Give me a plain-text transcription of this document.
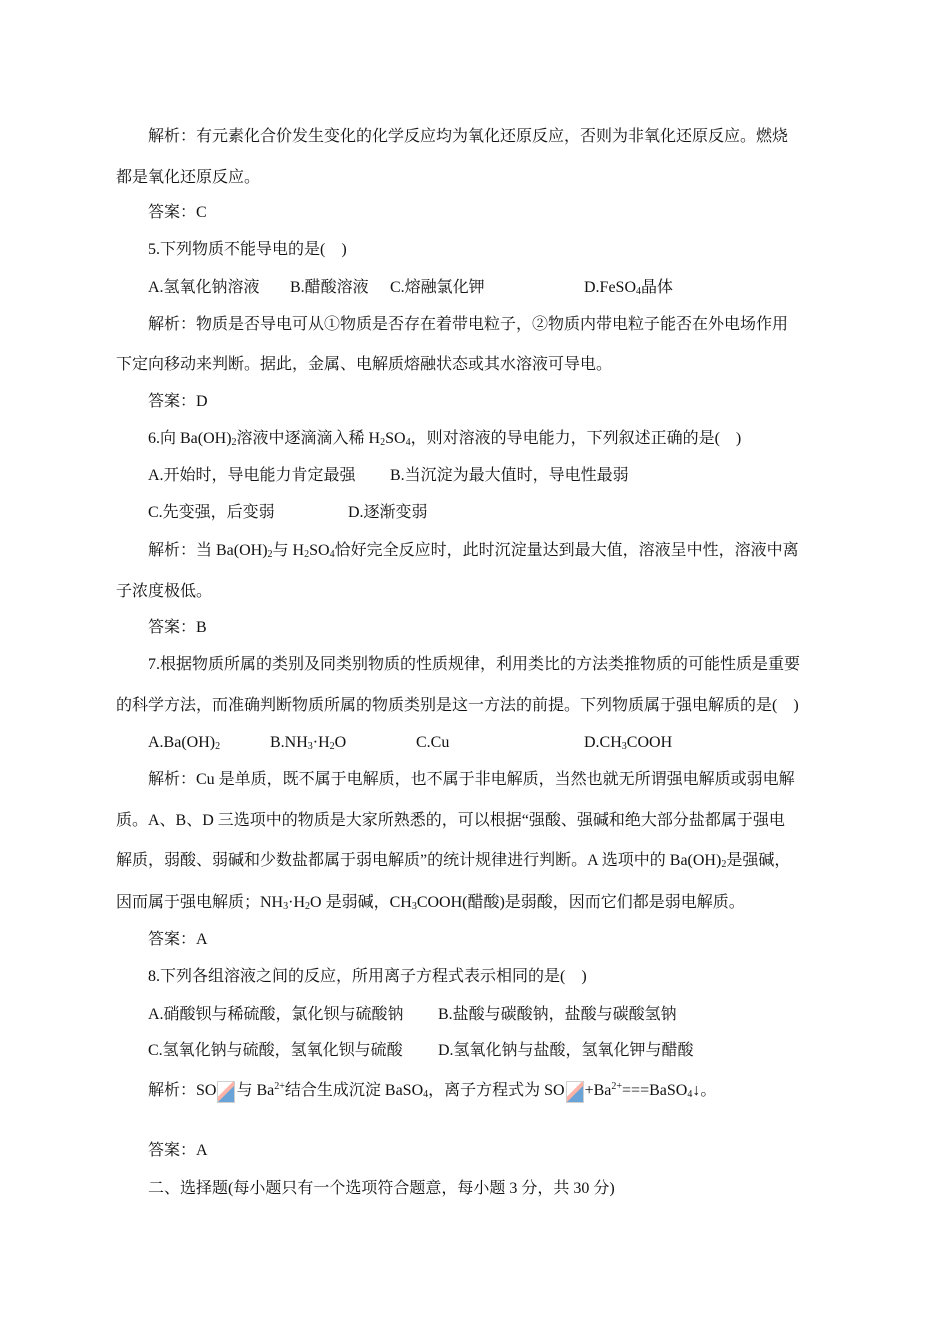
解析：有元素化合价发生变化的化学反应均为氧化还原反应，否则为非氧化还原反应。燃烧
都是氧化还原反应。
答案：C
5.下列物质不能导电的是(　)
A.氢氧化钠溶液 B.醋酸溶液 C.熔融氯化钾	D.FeSO$_4$晶体
解析：物质是否导电可从①物质是否存在着带电粒子，②物质内带电粒子能否在外电场作用
下定向移动来判断。据此，金属、电解质熔融状态或其水溶液可导电。
答案：D
6.向 $Ba(OH)_2$溶液中逐滴滴入稀 $H_2SO_4$，则对溶液的导电能力，下列叙述正确的是(　)
A.开始时，导电能力肯定最强 B.当沉淀为最大值时，导电性最弱
C.先变强，后变弱	D.逐渐变弱
解析：当 $Ba(OH)_2$与 $H_2SO_4$恰好完全反应时，此时沉淀量达到最大值，溶液呈中性，溶液中离
子浓度极低。
答案：B
7.根据物质所属的类别及同类别物质的性质规律，利用类比的方法类推物质的可能性质是重要
的科学方法，而准确判断物质所属的物质类别是这一方法的前提。下列物质属于强电解质的是(　)
$A.Ba(OH)_2$	$B.NH_3\cdot H_2O$	C.Cu	$D.CH_3COOH$
解析：Cu 是单质，既不属于电解质，也不属于非电解质，当然也就无所谓强电解质或弱电解
质。A、B、D 三选项中的物质是大家所熟悉的，可以根据“强酸、强碱和绝大部分盐都属于强电
解质，弱酸、弱碱和少数盐都属于弱电解质”的统计规律进行判断。A 选项中的 $Ba(OH)_2$是强碱，
因而属于强电解质；$NH_3\cdot H_2O$ 是弱碱，$CH_3COOH$(醋酸)是弱酸，因而它们都是弱电解质。
答案：A
8.下列各组溶液之间的反应，所用离子方程式表示相同的是(　)
A.硝酸钡与稀硫酸，氯化钡与硫酸钠 B.盐酸与碳酸钠，盐酸与碳酸氢钠
C.氢氧化钠与硫酸，氢氧化钡与硫酸 D.氢氧化钠与盐酸，氢氧化钾与醋酸
解析：SO 与 $Ba^{2+}$结合生成沉淀 BaSO$_4$，离子方程式为 SO $+Ba^{2+}===BaSO_4↓$。
答案：A
二、选择题(每小题只有一个选项符合题意，每小题 3 分，共 30 分)
